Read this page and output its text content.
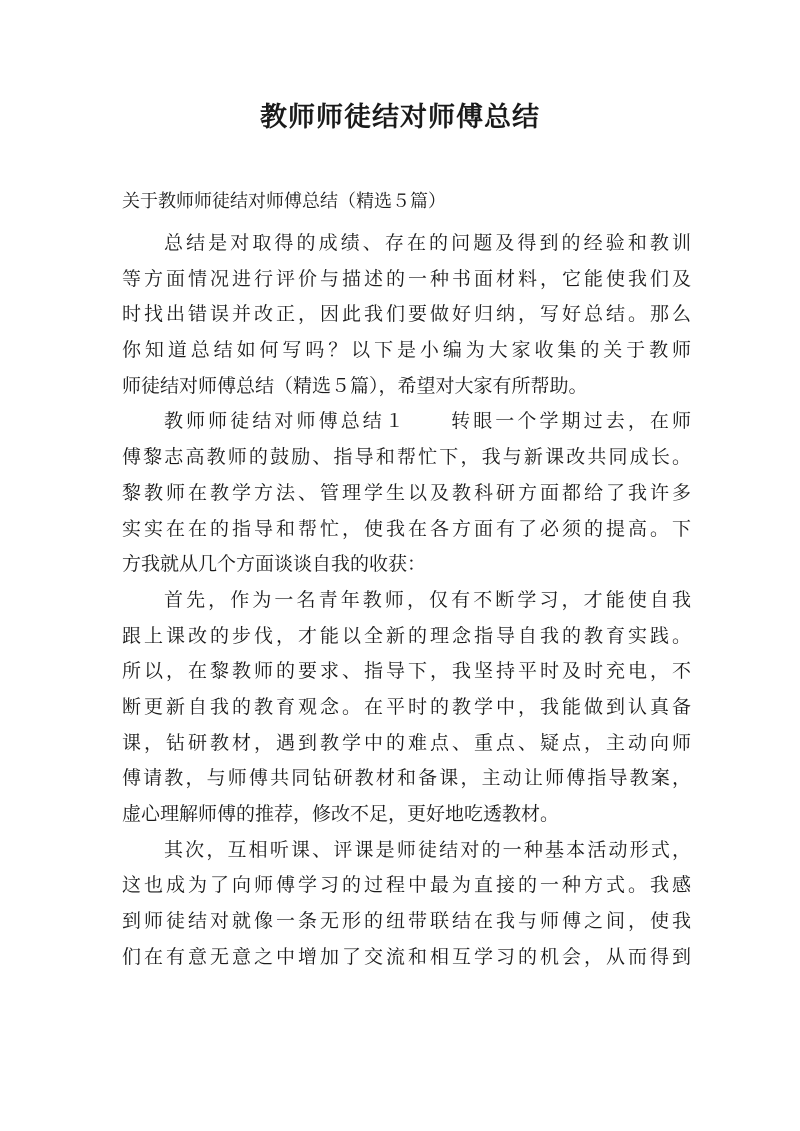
教师师徒结对师傅总结

关于教师师徒结对师傅总结（精选５篇）

总结是对取得的成绩、存在的问题及得到的经验和教训
等方面情况进行评价与描述的一种书面材料，它能使我们及
时找出错误并改正，因此我们要做好归纳，写好总结。那么
你知道总结如何写吗？以下是小编为大家收集的关于教师
师徒结对师傅总结（精选５篇），希望对大家有所帮助。
教师师徒结对师傅总结１　　转眼一个学期过去，在师
傅黎志高教师的鼓励、指导和帮忙下，我与新课改共同成长。
黎教师在教学方法、管理学生以及教科研方面都给了我许多
实实在在的指导和帮忙，使我在各方面有了必须的提高。下
方我就从几个方面谈谈自我的收获：
首先，作为一名青年教师，仅有不断学习，才能使自我
跟上课改的步伐，才能以全新的理念指导自我的教育实践。
所以，在黎教师的要求、指导下，我坚持平时及时充电，不
断更新自我的教育观念。在平时的教学中，我能做到认真备
课，钻研教材，遇到教学中的难点、重点、疑点，主动向师
傅请教，与师傅共同钻研教材和备课，主动让师傅指导教案，
虚心理解师傅的推荐，修改不足，更好地吃透教材。
其次，互相听课、评课是师徒结对的一种基本活动形式，
这也成为了向师傅学习的过程中最为直接的一种方式。我感
到师徒结对就像一条无形的纽带联结在我与师傅之间，使我
们在有意无意之中增加了交流和相互学习的机会，从而得到
